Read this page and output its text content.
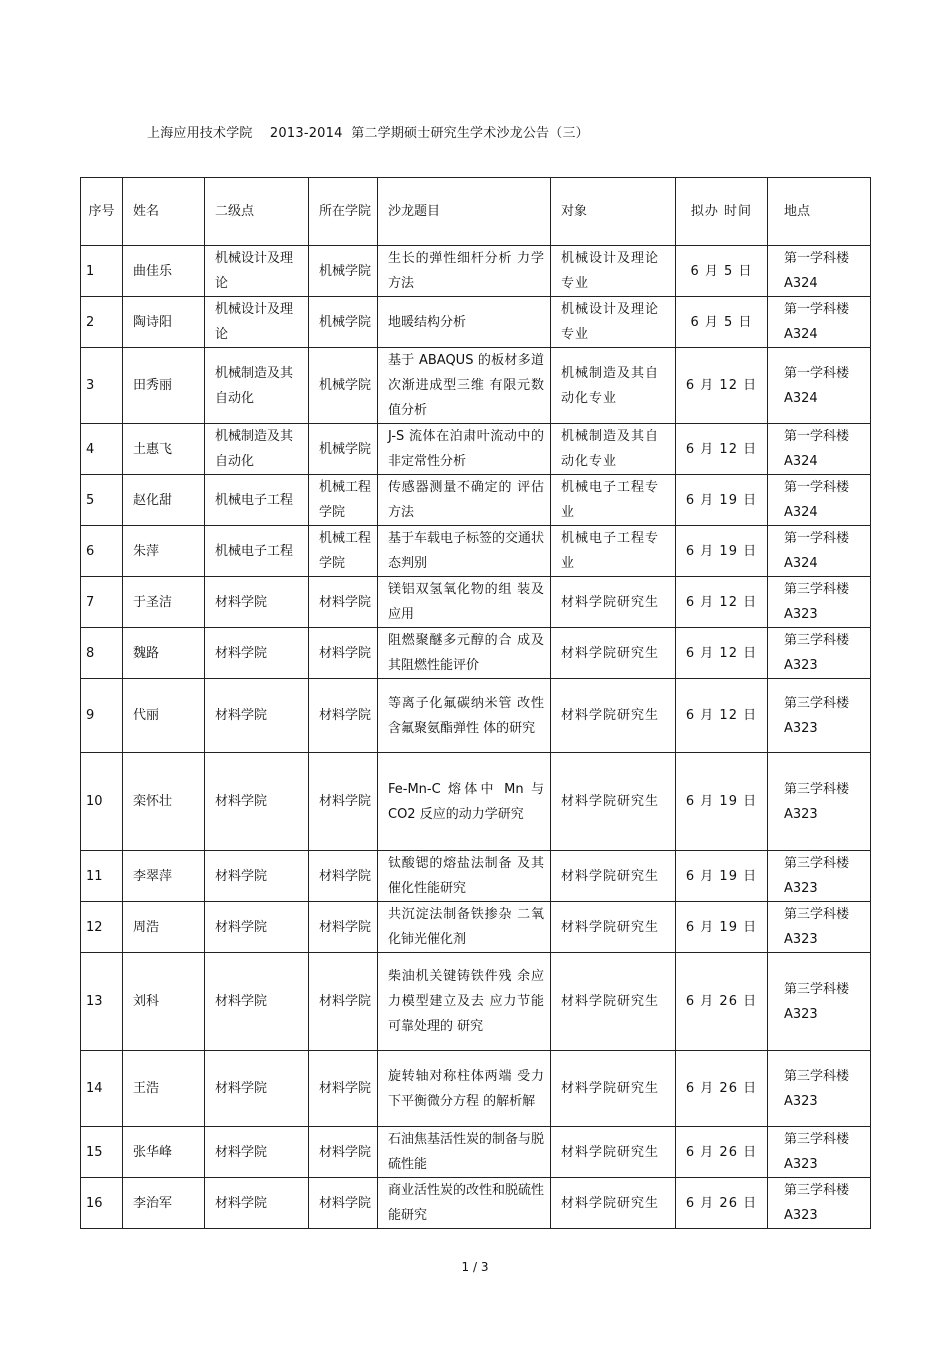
上海应用技术学院    2013-2014  第二学期硕士研究生学术沙龙公告（三）
序号	姓名	二级点	所在学院	沙龙题目	对象	拟办 时间	地点
1	曲佳乐	机械设计及理论	机械学院	生长的弹性细杆分析 力学方法	机械设计及理论专业	6 月 5 日	第一学科楼A324
2	陶诗阳	机械设计及理论	机械学院	地暖结构分析	机械设计及理论专业	6 月 5 日	第一学科楼A324
3	田秀丽	机械制造及其自动化	机械学院	基于 ABAQUS 的板材多道次渐进成型三维 有限元数值分析	机械制造及其自动化专业	6 月 12 日	第一学科楼A324
4	土惠飞	机械制造及其自动化	机械学院	J-S 流体在泊肃叶流动中的非定常性分析	机械制造及其自动化专业	6 月 12 日	第一学科楼A324
5	赵化甜	机械电子工程	机械工程学院	传感器测量不确定的 评估方法	机械电子工程专业	6 月 19 日	第一学科楼A324
6	朱萍	机械电子工程	机械工程学院	基于车载电子标签的交通状态判别	机械电子工程专业	6 月 19 日	第一学科楼A324
7	于圣洁	材料学院	材料学院	镁铝双氢氧化物的组 装及应用	材料学院研究生	6 月 12 日	第三学科楼A323
8	魏路	材料学院	材料学院	阻燃聚醚多元醇的合 成及其阻燃性能评价	材料学院研究生	6 月 12 日	第三学科楼A323
9	代丽	材料学院	材料学院	等离子化氟碳纳米管 改性含氟聚氨酯弹性 体的研究	材料学院研究生	6 月 12 日	第三学科楼A323
10	栾怀壮	材料学院	材料学院	Fe-Mn-C 熔体中 Mn 与CO2 反应的动力学研究	材料学院研究生	6 月 19 日	第三学科楼A323
11	李翠萍	材料学院	材料学院	钛酸锶的熔盐法制备 及其催化性能研究	材料学院研究生	6 月 19 日	第三学科楼A323
12	周浩	材料学院	材料学院	共沉淀法制备铁掺杂 二氧化铈光催化剂	材料学院研究生	6 月 19 日	第三学科楼A323
13	刘科	材料学院	材料学院	柴油机关键铸铁件残 余应力模型建立及去 应力节能可靠处理的 研究	材料学院研究生	6 月 26 日	第三学科楼A323
14	王浩	材料学院	材料学院	旋转轴对称柱体两端 受力下平衡微分方程 的解析解	材料学院研究生	6 月 26 日	第三学科楼A323
15	张华峰	材料学院	材料学院	石油焦基活性炭的制备与脱硫性能	材料学院研究生	6 月 26 日	第三学科楼A323
16	李治军	材料学院	材料学院	商业活性炭的改性和脱硫性能研究	材料学院研究生	6 月 26 日	第三学科楼A323
1 / 3
